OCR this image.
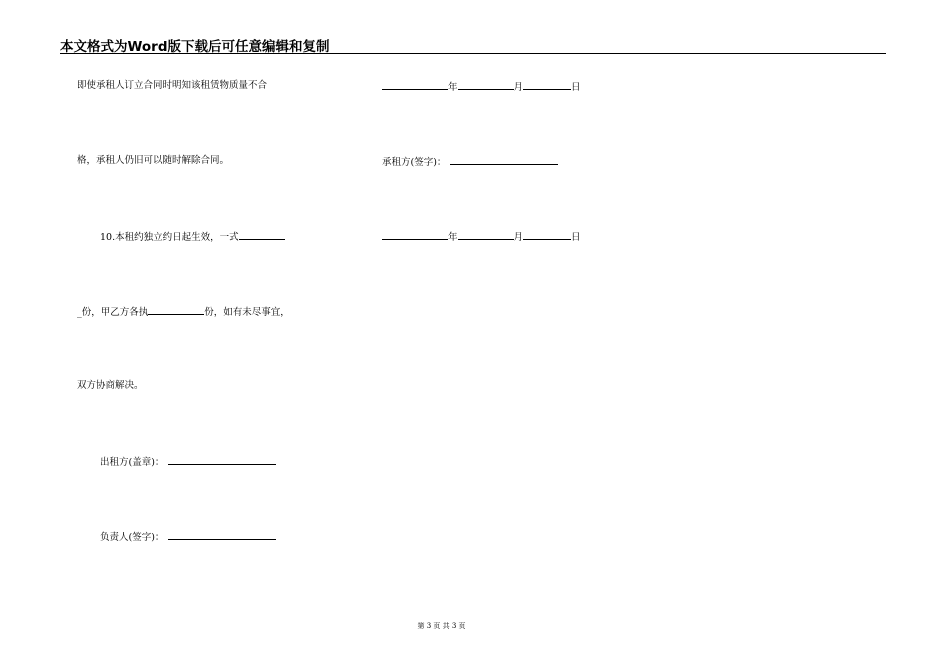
本文格式为Word版下载后可任意编辑和复制
即使承租人订立合同时明知该租赁物质量不合
格，承租人仍旧可以随时解除合同。
10.本租约独立约日起生效，一式
_份，甲乙方各执	份，如有未尽事宜，
双方协商解决。
出租方(盖章)：
负责人(签字)：
年	月	日
承租方(签字)：
年	月	日
第 3 页 共 3 页
